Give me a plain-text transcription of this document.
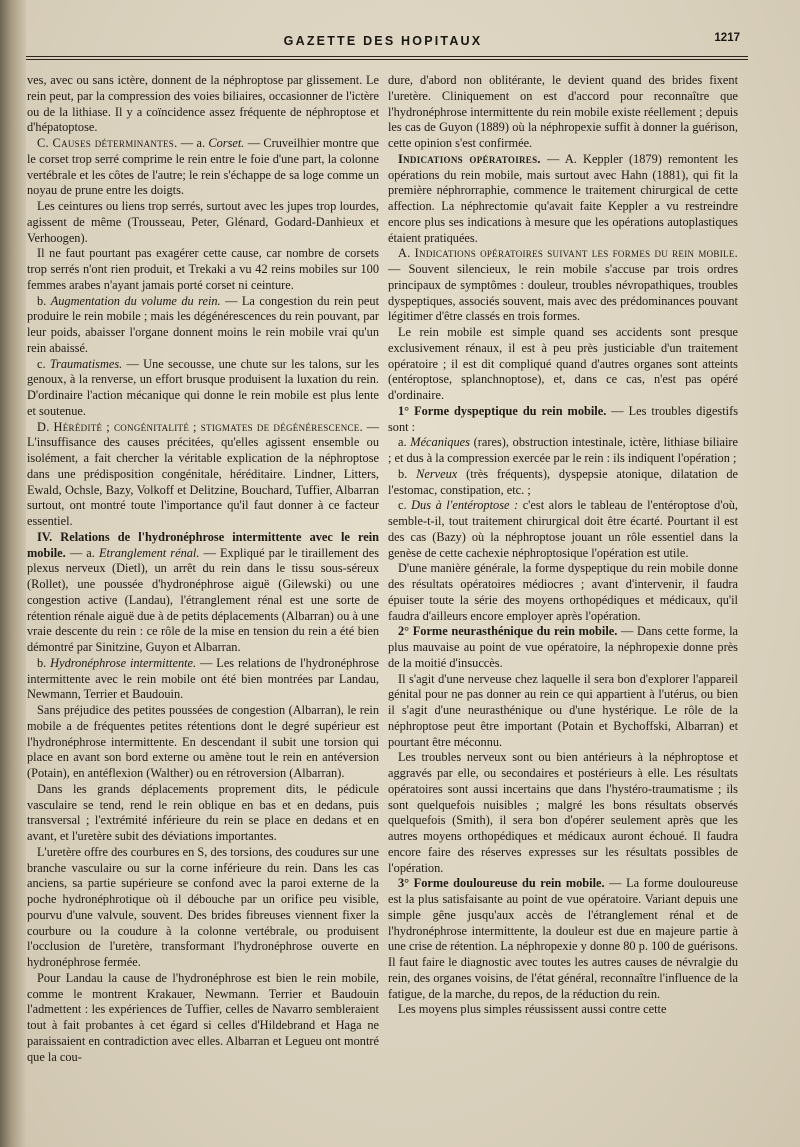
GAZETTE DES HOPITAUX	1217

ves, avec ou sans ictère, donnent de la néphroptose par glissement. Le rein peut, par la compression des voies biliaires, occasionner de l'ictère ou de la lithiase. Il y a coïncidence assez fréquente de néphroptose et d'hépatoptose.

C. Causes déterminantes. — a. Corset. — Cruveilhier montre que le corset trop serré comprime le rein entre le foie d'une part, la colonne vertébrale et les côtes de l'autre; le rein s'échappe de sa loge comme un noyau de prune entre les doigts.

Les ceintures ou liens trop serrés, surtout avec les jupes trop lourdes, agissent de même (Trousseau, Peter, Glénard, Godard-Danhieux et Verhoogen).

Il ne faut pourtant pas exagérer cette cause, car nombre de corsets trop serrés n'ont rien produit, et Trekaki a vu 42 reins mobiles sur 100 femmes arabes n'ayant jamais porté corset ni ceinture.

b. Augmentation du volume du rein. — La congestion du rein peut produire le rein mobile ; mais les dégénérescences du rein pouvant, par leur poids, abaisser l'organe donnent moins le rein mobile vrai qu'un rein abaissé.

c. Traumatismes. — Une secousse, une chute sur les talons, sur les genoux, à la renverse, un effort brusque produisent la luxation du rein. D'ordinaire l'action mécanique qui donne le rein mobile est plus lente et soutenue.

D. Hérédité ; congénitalité ; stigmates de dégénérescence. — L'insuffisance des causes précitées, qu'elles agissent ensemble ou isolément, a fait chercher la véritable explication de la néphroptose dans une prédisposition congénitale, héréditaire. Lindner, Litters, Ewald, Ochsle, Bazy, Volkoff et Delitzine, Bouchard, Tuffier, Albarran surtout, ont montré toute l'importance qu'il faut donner à ce facteur essentiel.

IV. Relations de l'hydronéphrose intermittente avec le rein mobile. — a. Etranglement rénal. — Expliqué par le tiraillement des plexus nerveux (Dietl), un arrêt du rein dans le tissu sous-séreux (Rollet), une poussée d'hydronéphrose aiguë (Gilewski) ou une congestion active (Landau), l'étranglement rénal est une sorte de rétention rénale aiguë due à de petits déplacements (Albarran) ou à une vraie descente du rein : ce rôle de la mise en tension du rein a été bien démontré par Sinitzine, Guyon et Albarran.

b. Hydronéphrose intermittente. — Les relations de l'hydronéphrose intermittente avec le rein mobile ont été bien montrées par Landau, Newmann, Terrier et Baudouin.

Sans préjudice des petites poussées de congestion (Albarran), le rein mobile a de fréquentes petites rétentions dont le degré supérieur est l'hydronéphrose intermittente. En descendant il subit une torsion qui place en avant son bord externe ou amène tout le rein en antéversion (Potain), en antéflexion (Walther) ou en rétroversion (Albarran).

Dans les grands déplacements proprement dits, le pédicule vasculaire se tend, rend le rein oblique en bas et en dedans, puis transversal ; l'extrémité inférieure du rein se place en dedans et en avant, et l'uretère subit des déviations importantes.

L'uretère offre des courbures en S, des torsions, des coudures sur une branche vasculaire ou sur la corne inférieure du rein. Dans les cas anciens, sa partie supérieure se confond avec la paroi externe de la poche hydronéphrotique où il débouche par un orifice peu visible, pourvu d'une valvule, souvent. Des brides fibreuses viennent fixer la courbure ou la coudure à la colonne vertébrale, ou produisent l'occlusion de l'uretère, transformant l'hydronéphrose ouverte en hydronéphrose fermée.

Pour Landau la cause de l'hydronéphrose est bien le rein mobile, comme le montrent Krakauer, Newmann. Terrier et Baudouin l'admettent : les expériences de Tuffier, celles de Navarro sembleraient tout à fait probantes à cet égard si celles d'Hildebrand et Haga ne paraissaient en contradiction avec elles. Albarran et Legueu ont montré que la cou-

dure, d'abord non oblitérante, le devient quand des brides fixent l'uretère. Cliniquement on est d'accord pour reconnaître que l'hydronéphrose intermittente du rein mobile existe réellement ; depuis les cas de Guyon (1889) où la néphropexie suffit à donner la guérison, cette opinion s'est confirmée.

Indications opératoires. — A. Keppler (1879) remontent les opérations du rein mobile, mais surtout avec Hahn (1881), qui fit la première néphrorraphie, commence le traitement chirurgical de cette affection. La néphrectomie qu'avait faite Keppler a vu restreindre encore plus ses indications à mesure que les opérations autoplastiques étaient pratiquées.

A. Indications opératoires suivant les formes du rein mobile. — Souvent silencieux, le rein mobile s'accuse par trois ordres principaux de symptômes : douleur, troubles névropathiques, troubles dyspeptiques, associés souvent, mais avec des prédominances pouvant légitimer d'être classés en trois formes.

Le rein mobile est simple quand ses accidents sont presque exclusivement rénaux, il est à peu près justiciable d'un traitement opératoire ; il est dit compliqué quand d'autres organes sont atteints (entéroptose, splanchnoptose), et, dans ce cas, n'est pas opéré d'ordinaire.

1° Forme dyspeptique du rein mobile. — Les troubles digestifs sont :

a. Mécaniques (rares), obstruction intestinale, ictère, lithiase biliaire ; et dus à la compression exercée par le rein : ils indiquent l'opération ;

b. Nerveux (très fréquents), dyspepsie atonique, dilatation de l'estomac, constipation, etc. ;

c. Dus à l'entéroptose : c'est alors le tableau de l'entéroptose d'où, semble-t-il, tout traitement chirurgical doit être écarté. Pourtant il est des cas (Bazy) où la néphroptose jouant un rôle essentiel dans la genèse de cette cachexie néphroptosique l'opération est utile.

D'une manière générale, la forme dyspeptique du rein mobile donne des résultats opératoires médiocres ; avant d'intervenir, il faudra épuiser toute la série des moyens orthopédiques et médicaux, qu'il faudra d'ailleurs encore employer après l'opération.

2° Forme neurasthénique du rein mobile. — Dans cette forme, la plus mauvaise au point de vue opératoire, la néphropexie donne près de la moitié d'insuccès.

Il s'agit d'une nerveuse chez laquelle il sera bon d'explorer l'appareil génital pour ne pas donner au rein ce qui appartient à l'utérus, ou bien il s'agit d'une neurasthénique ou d'une hystérique. Le rôle de la néphroptose peut être important (Potain et Bychoffski, Albarran) et pourtant être méconnu.

Les troubles nerveux sont ou bien antérieurs à la néphroptose et aggravés par elle, ou secondaires et postérieurs à elle. Les résultats opératoires sont aussi incertains que dans l'hystéro-traumatisme ; ils sont quelquefois nuisibles ; malgré les bons résultats observés quelquefois (Smith), il sera bon d'opérer seulement après que les autres moyens orthopédiques et médicaux auront échoué. Il faudra encore faire des réserves expresses sur les résultats possibles de l'opération.

3° Forme douloureuse du rein mobile. — La forme douloureuse est la plus satisfaisante au point de vue opératoire. Variant depuis une simple gêne jusqu'aux accès de l'étranglement rénal et de l'hydronéphrose intermittente, la douleur est due en majeure partie à une crise de rétention. La néphropexie y donne 80 p. 100 de guérisons. Il faut faire le diagnostic avec toutes les autres causes de névralgie du rein, des organes voisins, de l'état général, reconnaître l'influence de la fatigue, de la marche, du repos, de la réduction du rein.

Les moyens plus simples réussissent aussi contre cette
